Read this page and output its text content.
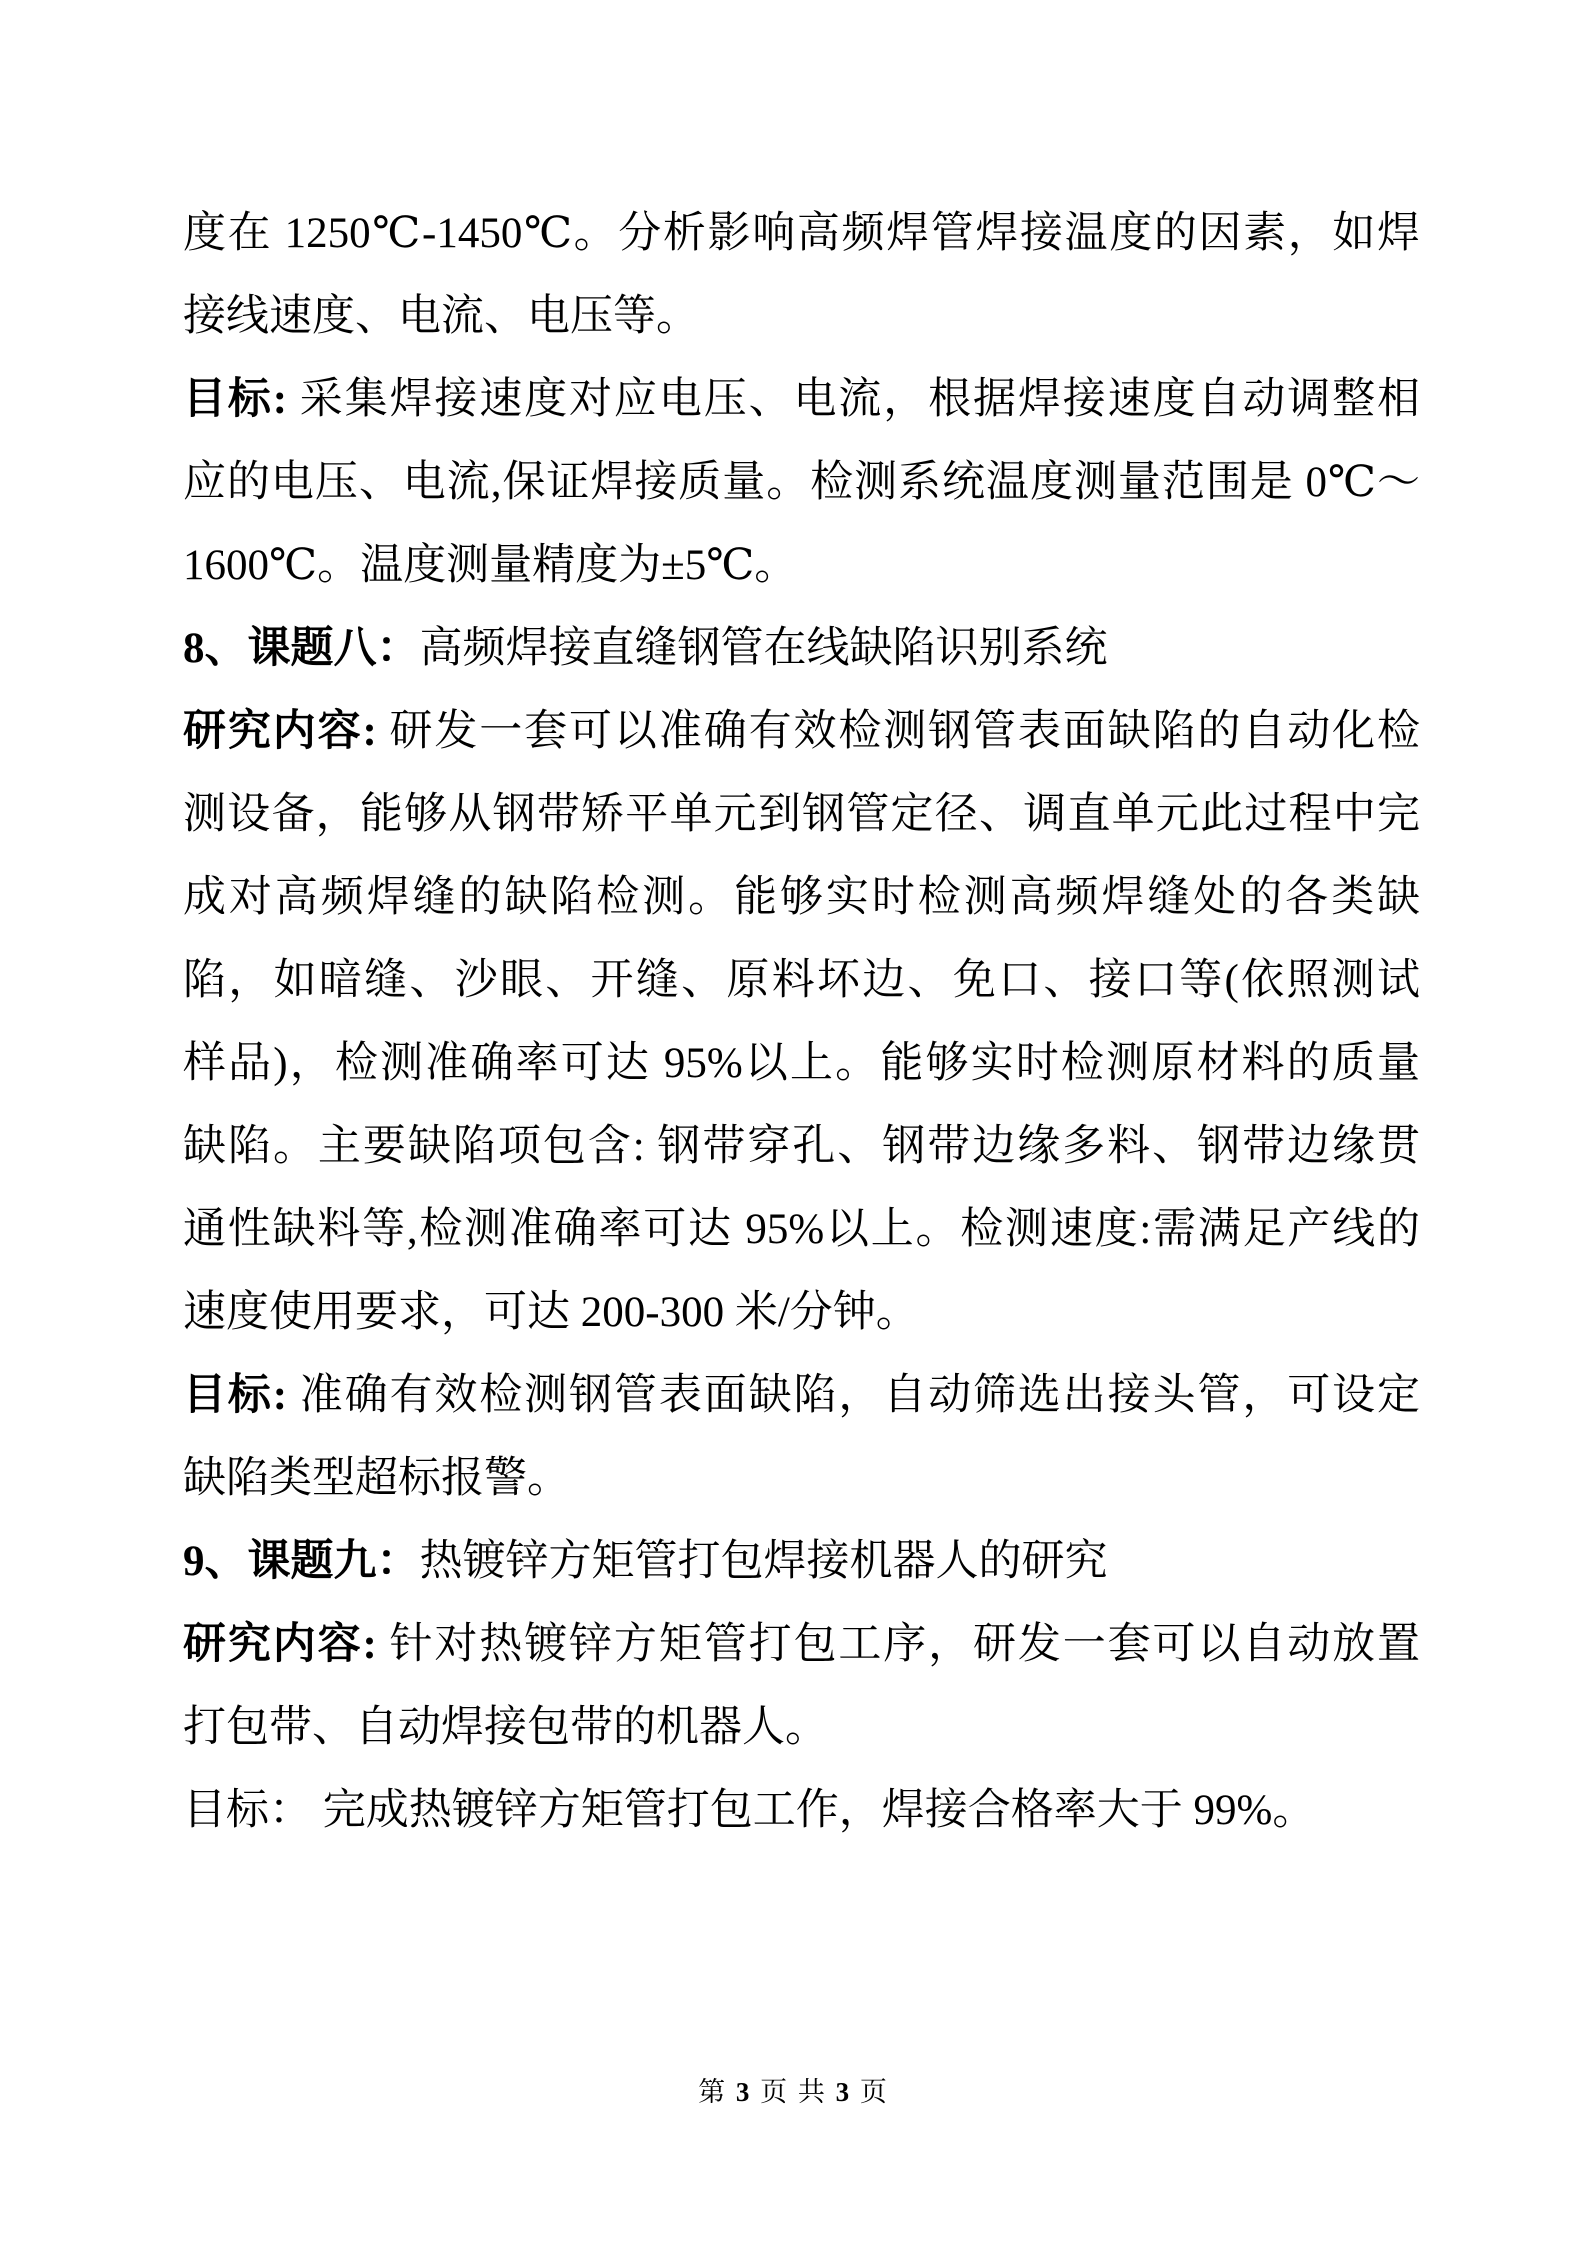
度在 1250℃-1450℃。分析影响高频焊管焊接温度的因素，如焊
接线速度、电流、电压等。
目标: 采集焊接速度对应电压、电流，根据焊接速度自动调整相
应的电压、电流,保证焊接质量。检测系统温度测量范围是 0℃～
1600℃。温度测量精度为±5℃。
8、课题八：高频焊接直缝钢管在线缺陷识别系统
研究内容: 研发一套可以准确有效检测钢管表面缺陷的自动化检
测设备，能够从钢带矫平单元到钢管定径、调直单元此过程中完
成对高频焊缝的缺陷检测。能够实时检测高频焊缝处的各类缺
陷，如暗缝、沙眼、开缝、原料坏边、免口、接口等(依照测试
样品)，检测准确率可达 95%以上。能够实时检测原材料的质量
缺陷。主要缺陷项包含: 钢带穿孔、钢带边缘多料、钢带边缘贯
通性缺料等,检测准确率可达 95%以上。检测速度:需满足产线的
速度使用要求，可达 200-300 米/分钟。
目标: 准确有效检测钢管表面缺陷，自动筛选出接头管，可设定
缺陷类型超标报警。
9、课题九：热镀锌方矩管打包焊接机器人的研究
研究内容: 针对热镀锌方矩管打包工序，研发一套可以自动放置
打包带、自动焊接包带的机器人。
目标： 完成热镀锌方矩管打包工作，焊接合格率大于 99%。
第 3 页 共 3 页
